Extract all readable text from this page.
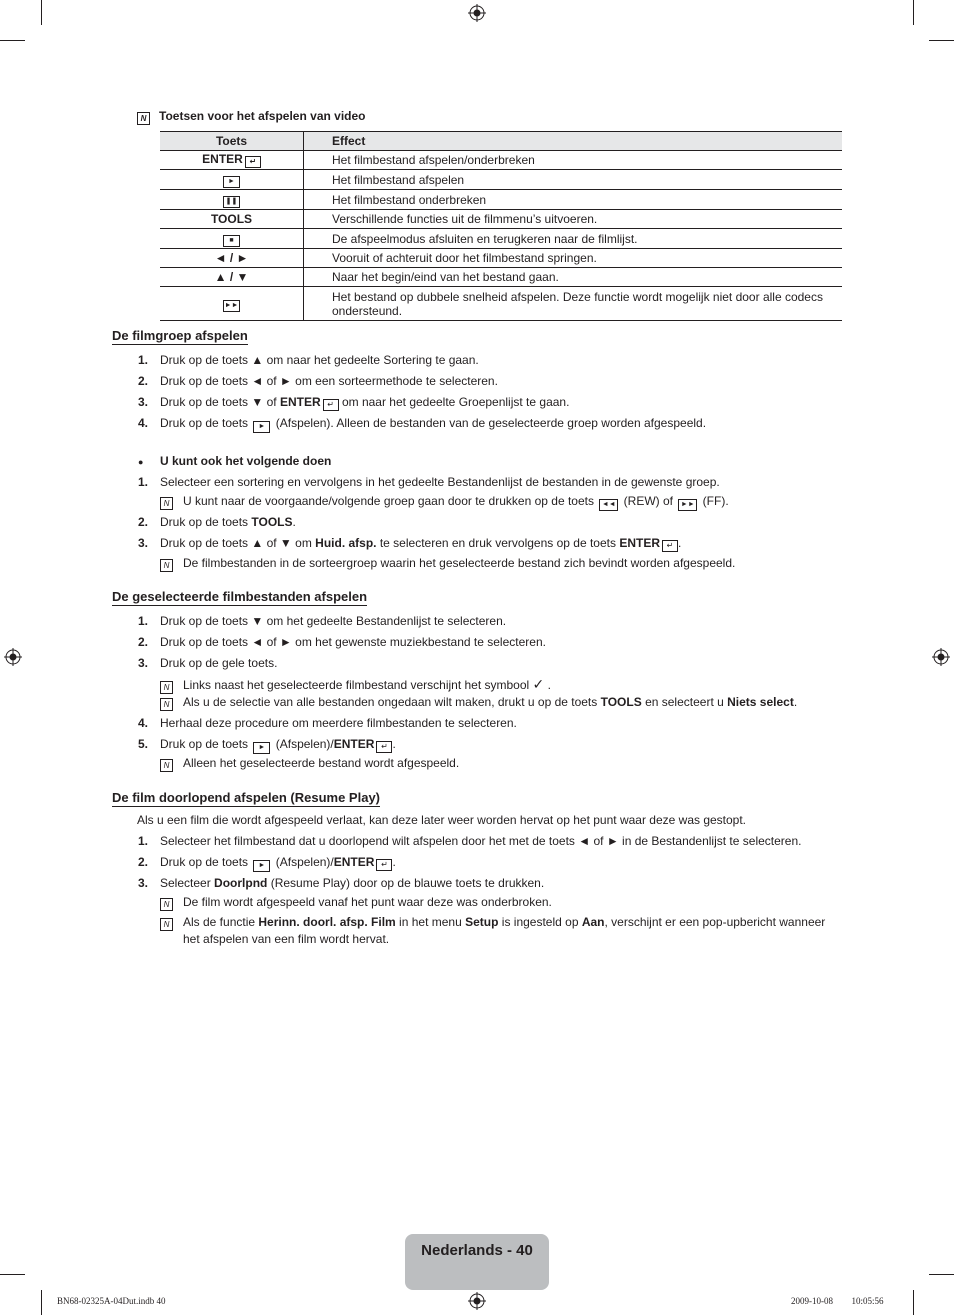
N Toetsen voor het afspelen van video
Toets	Effect
ENTER ↵	Het filmbestand afspelen/onderbreken
►	Het filmbestand afspelen
❚❚	Het filmbestand onderbreken
TOOLS	Verschillende functies uit de filmmenu’s uitvoeren.
■	De afspeelmodus afsluiten en terugkeren naar de filmlijst.
◄ / ►	Vooruit of achteruit door het filmbestand springen.
▲ / ▼	Naar het begin/eind van het bestand gaan.
►►	Het bestand op dubbele snelheid afspelen. Deze functie wordt mogelijk niet door alle codecs
ondersteund.
De filmgroep afspelen
1. Druk op de toets ▲ om naar het gedeelte Sortering te gaan.
2. Druk op de toets ◄ of ► om een sorteermethode te selecteren.
3. Druk op de toets ▼ of ENTER ↵ om naar het gedeelte Groepenlijst te gaan.
4. Druk op de toets ► (Afspelen). Alleen de bestanden van de geselecteerde groep worden afgespeeld.
● U kunt ook het volgende doen
1. Selecteer een sortering en vervolgens in het gedeelte Bestandenlijst de bestanden in de gewenste groep.
N U kunt naar de voorgaande/volgende groep gaan door te drukken op de toets ◄◄ (REW) of ►► (FF).
2. Druk op de toets TOOLS.
3. Druk op de toets ▲ of ▼ om Huid. afsp. te selecteren en druk vervolgens op de toets ENTER ↵ .
N De filmbestanden in de sorteergroep waarin het geselecteerde bestand zich bevindt worden afgespeeld.
De geselecteerde filmbestanden afspelen
1. Druk op de toets ▼ om het gedeelte Bestandenlijst te selecteren.
2. Druk op de toets ◄ of ► om het gewenste muziekbestand te selecteren.
3. Druk op de gele toets.
N Links naast het geselecteerde filmbestand verschijnt het symbool ✓ .
N Als u de selectie van alle bestanden ongedaan wilt maken, drukt u op de toets TOOLS en selecteert u Niets select.
4. Herhaal deze procedure om meerdere filmbestanden te selecteren.
5. Druk op de toets ► (Afspelen)/ENTER ↵ .
N Alleen het geselecteerde bestand wordt afgespeeld.
De film doorlopend afspelen (Resume Play)
Als u een film die wordt afgespeeld verlaat, kan deze later weer worden hervat op het punt waar deze was gestopt.
1. Selecteer het filmbestand dat u doorlopend wilt afspelen door het met de toets ◄ of ► in de Bestandenlijst te selecteren.
2. Druk op de toets ► (Afspelen)/ENTER ↵ .
3. Selecteer Doorlpnd (Resume Play) door op de blauwe toets te drukken.
N De film wordt afgespeeld vanaf het punt waar deze was onderbroken.
N Als de functie Herinn. doorl. afsp. Film in het menu Setup is ingesteld op Aan, verschijnt er een pop-upbericht wanneer
het afspelen van een film wordt hervat.
Nederlands - 40
BN68-02325A-04Dut.indb 40	2009-10-08 ￿￿ 10:05:56
